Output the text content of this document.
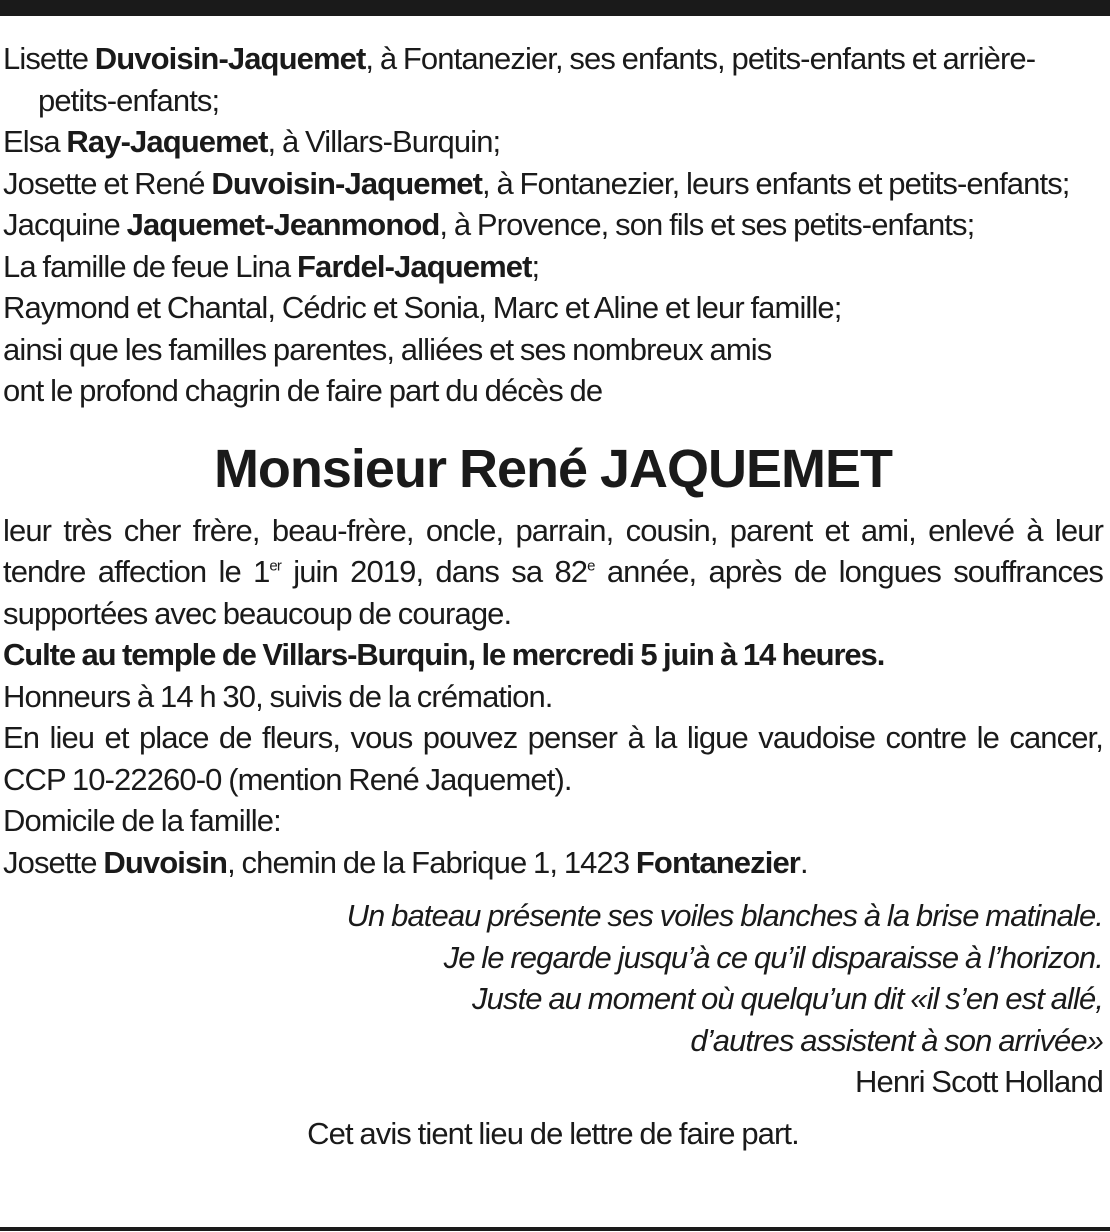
Lisette Duvoisin-Jaquemet, à Fontanezier, ses enfants, petits-enfants et arrière-petits-enfants;
Elsa Ray-Jaquemet, à Villars-Burquin;
Josette et René Duvoisin-Jaquemet, à Fontanezier, leurs enfants et petits-enfants;
Jacquine Jaquemet-Jeanmonod, à Provence, son fils et ses petits-enfants;
La famille de feue Lina Fardel-Jaquemet;
Raymond et Chantal, Cédric et Sonia, Marc et Aline et leur famille;
ainsi que les familles parentes, alliées et ses nombreux amis
ont le profond chagrin de faire part du décès de
Monsieur René JAQUEMET
leur très cher frère, beau-frère, oncle, parrain, cousin, parent et ami, enlevé à leur tendre affection le 1er juin 2019, dans sa 82e année, après de longues souffrances supportées avec beaucoup de courage.
Culte au temple de Villars-Burquin, le mercredi 5 juin à 14 heures.
Honneurs à 14 h 30, suivis de la crémation.
En lieu et place de fleurs, vous pouvez penser à la ligue vaudoise contre le cancer, CCP 10-22260-0 (mention René Jaquemet).
Domicile de la famille:
Josette Duvoisin, chemin de la Fabrique 1, 1423 Fontanezier.
Un bateau présente ses voiles blanches à la brise matinale.
Je le regarde jusqu’à ce qu’il disparaisse à l’horizon.
Juste au moment où quelqu’un dit «il s’en est allé,
d’autres assistent à son arrivée»
Henri Scott Holland
Cet avis tient lieu de lettre de faire part.
